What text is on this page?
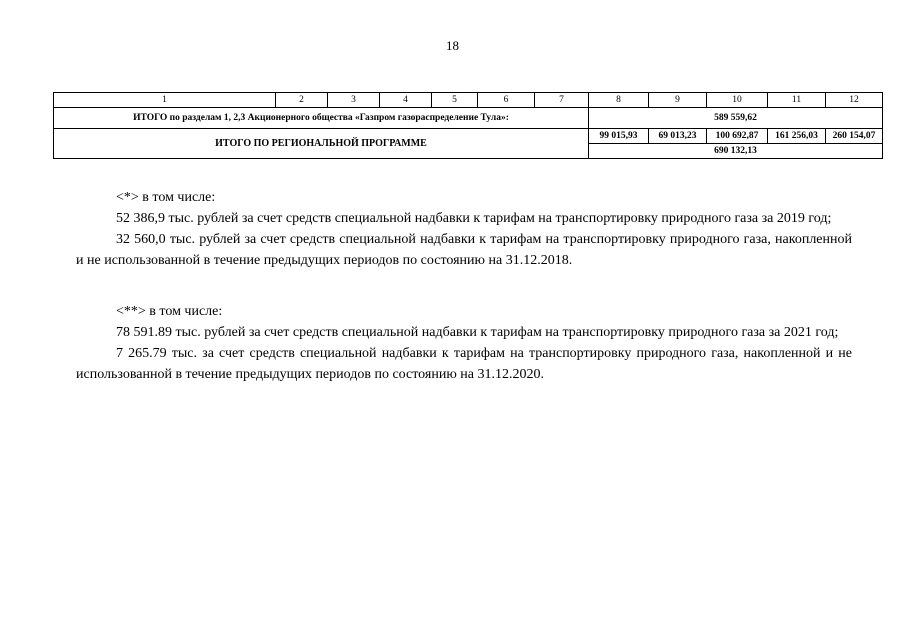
18
1	2	3	4	5	6	7	8	9	10	11	12
ИТОГО по разделам 1, 2,3 Акционерного общества «Газпром газораспределение Тула»:							589 559,62				
ИТОГО ПО РЕГИОНАЛЬНОЙ ПРОГРАММЕ							99 015,93	69 013,23	100 692,87	161 256,03	260 154,07
							690 132,13				

<*> в том числе:

52 386,9 тыс. рублей за счет средств специальной надбавки к тарифам на транспортировку природного газа за 2019 год;

32 560,0 тыс. рублей за счет средств специальной надбавки к тарифам на транспортировку природного газа, накопленной и не использованной в течение предыдущих периодов по состоянию на 31.12.2018.

<**> в том числе:

78 591.89 тыс. рублей за счет средств специальной надбавки к тарифам на транспортировку природного газа за 2021 год;

7 265.79 тыс. за счет средств специальной надбавки к тарифам на транспортировку природного газа, накопленной и не использованной в течение предыдущих периодов по состоянию на 31.12.2020.
